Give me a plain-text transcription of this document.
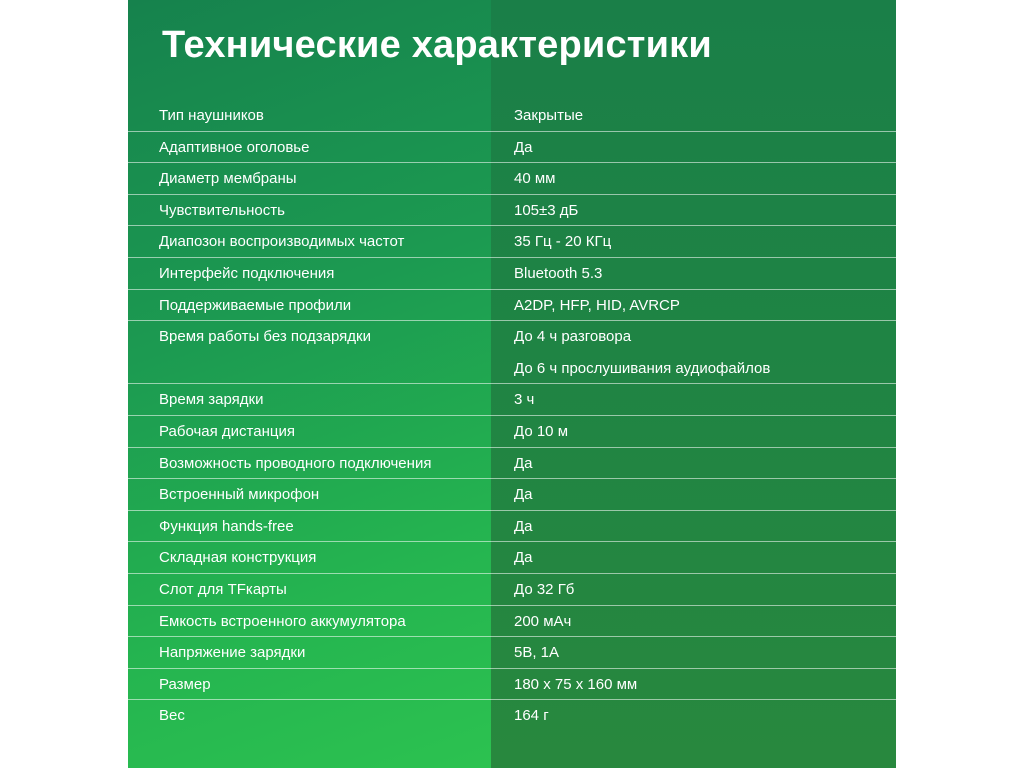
Технические характеристики
Тип наушников	Закрытые
Адаптивное оголовье	Да
Диаметр мембраны	40 мм
Чувствительность	105±3 дБ
Диапозон воспроизводимых частот	35 Гц - 20 КГц
Интерфейс подключения	Bluetooth 5.3
Поддерживаемые профили	A2DP, HFP, HID, AVRCP
Время работы без подзарядки	До 4 ч разговора
До 6 ч прослушивания аудиофайлов
Время зарядки	3 ч
Рабочая дистанция	До 10 м
Возможность проводного подключения	Да
Встроенный микрофон	Да
Функция hands-free	Да
Складная конструкция	Да
Слот для TFкарты	До 32 Гб
Емкость встроенного аккумулятора	200 мАч
Напряжение зарядки	5В, 1А
Размер	180 х 75 х 160 мм
Вес	164 г
